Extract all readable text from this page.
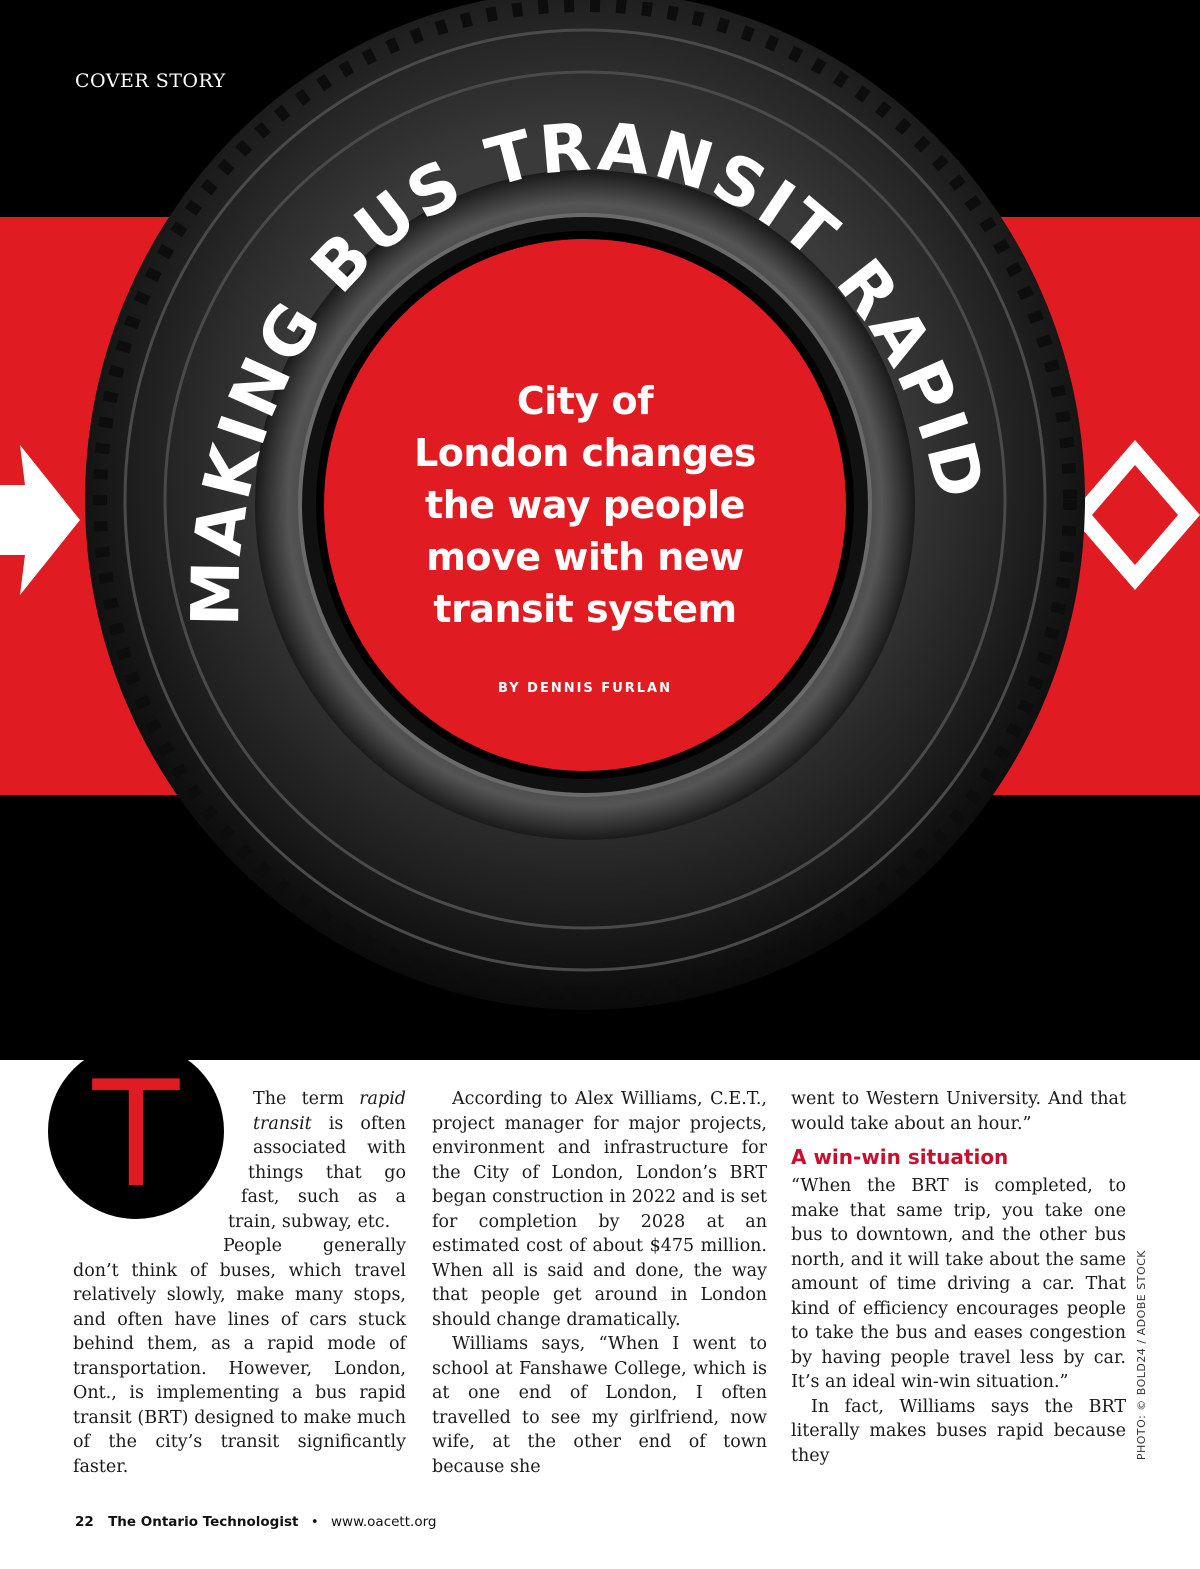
MAKING BUS TRANSIT RAPID
COVER STORY
City of
London changes
the way people
move with new
transit system
BY DENNIS FURLAN
T	The term rapid transit is often associated with things that go fast, such as a train, subway, etc.

People generally don’t think of buses, which travel relatively slowly, make many stops, and often have lines of cars stuck behind them, as a rapid mode of transportation. However, London, Ont., is implementing a bus rapid transit (BRT) designed to make much of the city’s transit significantly faster.

According to Alex Williams, C.E.T., project manager for major projects, environment and infrastructure for the City of London, London’s BRT began construction in 2022 and is set for completion by 2028 at an estimated cost of about $475 million. When all is said and done, the way that people get around in London should change dramatically.

Williams says, “When I went to school at Fanshawe College, which is at one end of London, I often travelled to see my girlfriend, now wife, at the other end of town because she

went to Western University. And that would take about an hour.”

A win-win situation

“When the BRT is completed, to make that same trip, you take one bus to downtown, and the other bus north, and it will take about the same amount of time driving a car. That kind of efficiency encourages people to take the bus and eases congestion by having people travel less by car. It’s an ideal win-win situation.”

In fact, Williams says the BRT literally makes buses rapid because they	PHOTO: © BOLD24 / ADOBE STOCK
22 The Ontario Technologist • www.oacett.org
